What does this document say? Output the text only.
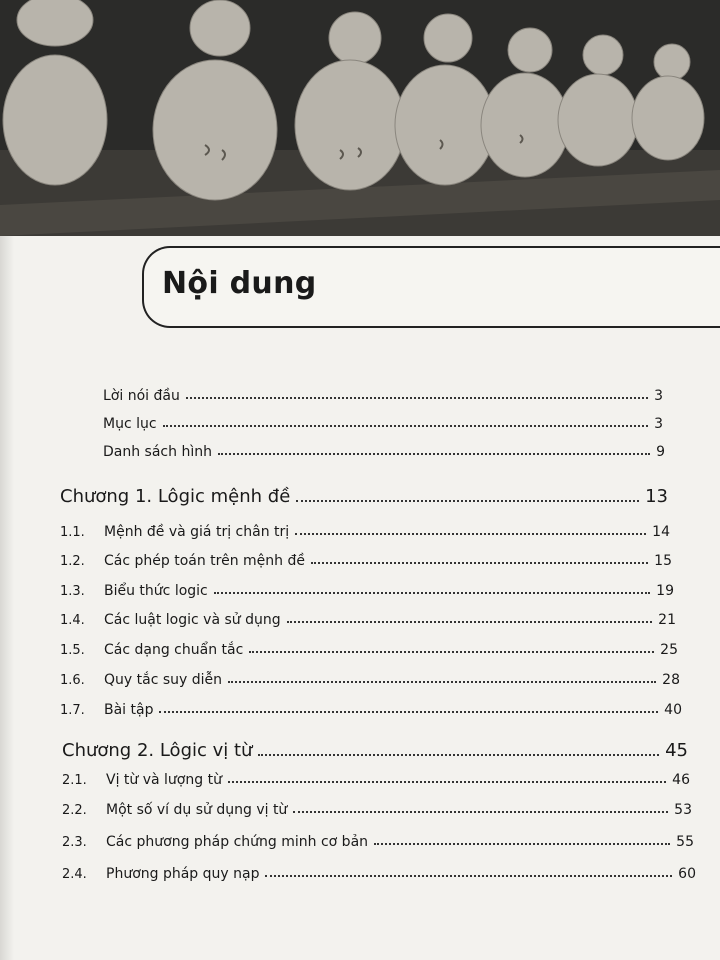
Nội dung
Lời nói đầu	3
Mục lục	3
Danh sách hình	9
Chương 1. Lôgic mệnh đề	13
1.1.	Mệnh đề và giá trị chân trị	14
1.2.	Các phép toán trên mệnh đề	15
1.3.	Biểu thức logic	19
1.4.	Các luật logic và sử dụng	21
1.5.	Các dạng chuẩn tắc	25
1.6.	Quy tắc suy diễn	28
1.7.	Bài tập	40
Chương 2. Lôgic vị từ	45
2.1.	Vị từ và lượng từ	46
2.2.	Một số ví dụ sử dụng vị từ	53
2.3.	Các phương pháp chứng minh cơ bản	55
2.4.	Phương pháp quy nạp	60
